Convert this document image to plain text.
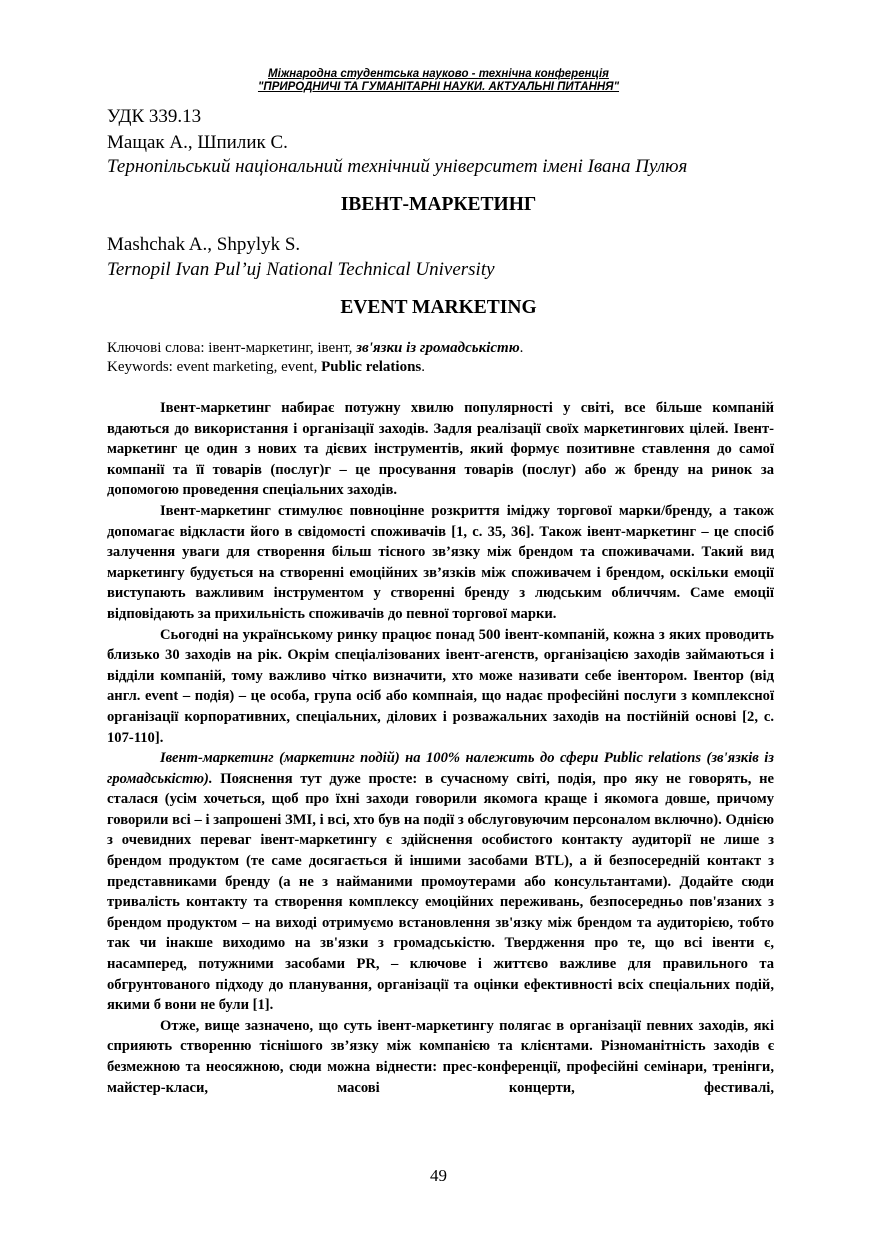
Міжнародна студентська науково - технічна конференція
"ПРИРОДНИЧІ ТА ГУМАНІТАРНІ НАУКИ. АКТУАЛЬНІ ПИТАННЯ"
УДК 339.13
Мащак А., Шпилик С.
Тернопільський національний технічний університет імені Івана Пулюя
ІВЕНТ-МАРКЕТИНГ
Mashchak A., Shpylyk S.
Ternopil Ivan Pul’uj National Technical University
EVENT MARKETING
Ключові слова: івент-маркетинг, івент, зв'язки із громадськістю.
Keywords: event marketing, event, Public relations.

Івент-маркетинг набирає потужну хвилю популярності у світі, все більше компаній вдаються до використання і організації заходів. Задля реалізації своїх маркетингових цілей. Івент-маркетинг це один з нових та дієвих інструментів, який формує позитивне ставлення до самої компанії та її товарів (послуг)г – це просування товарів (послуг) або ж бренду на ринок за допомогою проведення спеціальних заходів.

Івент-маркетинг стимулює повноцінне розкриття іміджу торгової марки/бренду, а також допомагає відкласти його в свідомості споживачів [1, с. 35, 36]. Також івент-маркетинг – це спосіб залучення уваги для створення більш тісного зв’язку між брендом та споживачами. Такий вид маркетингу будується на створенні емоційних зв’язків між споживачем і брендом, оскільки емоції виступають важливим інструментом у створенні бренду з людським обличчям. Саме емоції відповідають за прихильність споживачів до певної торгової марки.

Сьогодні на українському ринку працює понад 500 івент-компаній, кожна з яких проводить близько 30 заходів на рік. Окрім спеціалізованих івент-агенств, організацією заходів займаються і відділи компаній, тому важливо чітко визначити, хто може називати себе івентором. Івентор (від англ. event – подія) – це особа, група осіб або компнаія, що надає професійні послуги з комплексної організації корпоративних, спеціальних, ділових і розважальних заходів на постійній основі [2, с. 107-110].

Івент-маркетинг (маркетинг подій) на 100% належить до сфери Public relations (зв'язків із громадськістю). Пояснення тут дуже просте: в сучасному світі, подія, про яку не говорять, не сталася (усім хочеться, щоб про їхні заходи говорили якомога краще і якомога довше, причому говорили всі – і запрошені ЗМІ, і всі, хто був на події з обслуговуючим персоналом включно). Однією з очевидних переваг івент-маркетингу є здійснення особистого контакту аудиторії не лише з брендом продуктом (те саме досягається й іншими засобами BTL), а й безпосередній контакт з представниками бренду (а не з найманими промоутерами або консультантами). Додайте сюди тривалість контакту та створення комплексу емоційних переживань, безпосередньо пов'язаних з брендом продуктом – на виході отримуємо встановлення зв'язку між брендом та аудиторією, тобто так чи інакше виходимо на зв'язки з громадськістю. Твердження про те, що всі івенти є, насамперед, потужними засобами PR, – ключове і життєво важливе для правильного та обгрунтованого підходу до планування, організації та оцінки ефективності всіх спеціальних подій, якими б вони не були [1].

Отже, вище зазначено, що суть івент-маркетингу полягає в організації певних заходів, які сприяють створенню тіснішого зв’язку між компанією та клієнтами. Різноманітність заходів є безмежною та неосяжною, сюди можна віднести: прес-конференції, професійні семінари, тренінги, майстер-класи, масові концерти, фестивалі,

49
